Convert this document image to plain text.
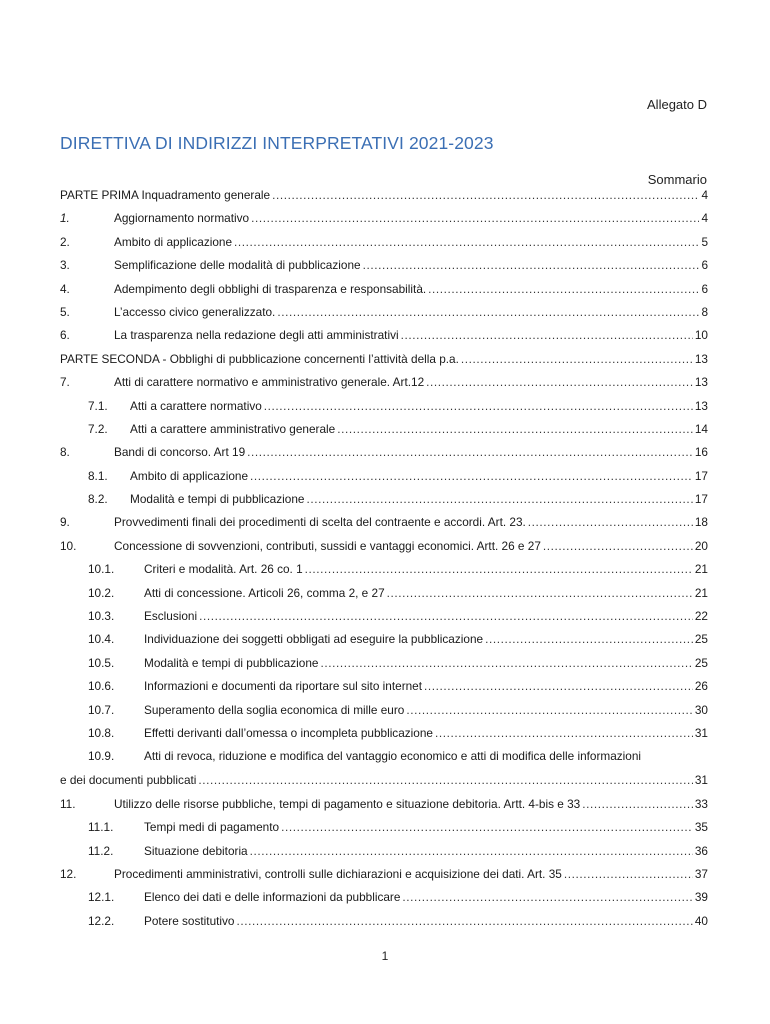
Allegato D
DIRETTIVA DI INDIRIZZI INTERPRETATIVI 2021-2023
Sommario
PARTE PRIMA Inquadramento generale .....	4
1.	Aggiornamento normativo .....	4
2.	Ambito di applicazione .....	5
3.	Semplificazione delle modalità di pubblicazione .....	6
4.	Adempimento degli obblighi di trasparenza e responsabilità. .....	6
5.	L’accesso civico generalizzato. .....	8
6.	La trasparenza nella redazione degli atti amministrativi .....	10
PARTE SECONDA - Obblighi di pubblicazione concernenti l’attività della p.a. .....	13
7.	Atti di carattere normativo e amministrativo generale. Art.12 .....	13
7.1.	Atti a carattere normativo .....	13
7.2.	Atti a carattere amministrativo generale .....	14
8.	Bandi di concorso. Art 19 .....	16
8.1.	Ambito di applicazione .....	17
8.2.	Modalità e tempi di pubblicazione .....	17
9.	Provvedimenti finali dei procedimenti di scelta del contraente e accordi. Art. 23. .....	18
10.	Concessione di sovvenzioni, contributi, sussidi e vantaggi economici. Artt. 26 e 27 .....	20
10.1.	Criteri e modalità. Art. 26 co. 1 .....	21
10.2.	Atti di concessione. Articoli 26, comma 2, e 27 .....	21
10.3.	Esclusioni .....	22
10.4.	Individuazione dei soggetti obbligati ad eseguire la pubblicazione .....	25
10.5.	Modalità e tempi di pubblicazione .....	25
10.6.	Informazioni e documenti da riportare sul sito internet .....	26
10.7.	Superamento della soglia economica di mille euro .....	30
10.8.	Effetti derivanti dall’omessa o incompleta pubblicazione .....	31
10.9.	Atti di revoca, riduzione e modifica del vantaggio economico e atti di modifica delle informazioni
e dei documenti pubblicati .....	31
11.	Utilizzo delle risorse pubbliche, tempi di pagamento e situazione debitoria. Artt. 4-bis e 33 .....	33
11.1.	Tempi medi di pagamento .....	35
11.2.	Situazione debitoria .....	36
12.	Procedimenti amministrativi, controlli sulle dichiarazioni e acquisizione dei dati. Art. 35 .....	37
12.1.	Elenco dei dati e delle informazioni da pubblicare .....	39
12.2.	Potere sostitutivo .....	40
1
